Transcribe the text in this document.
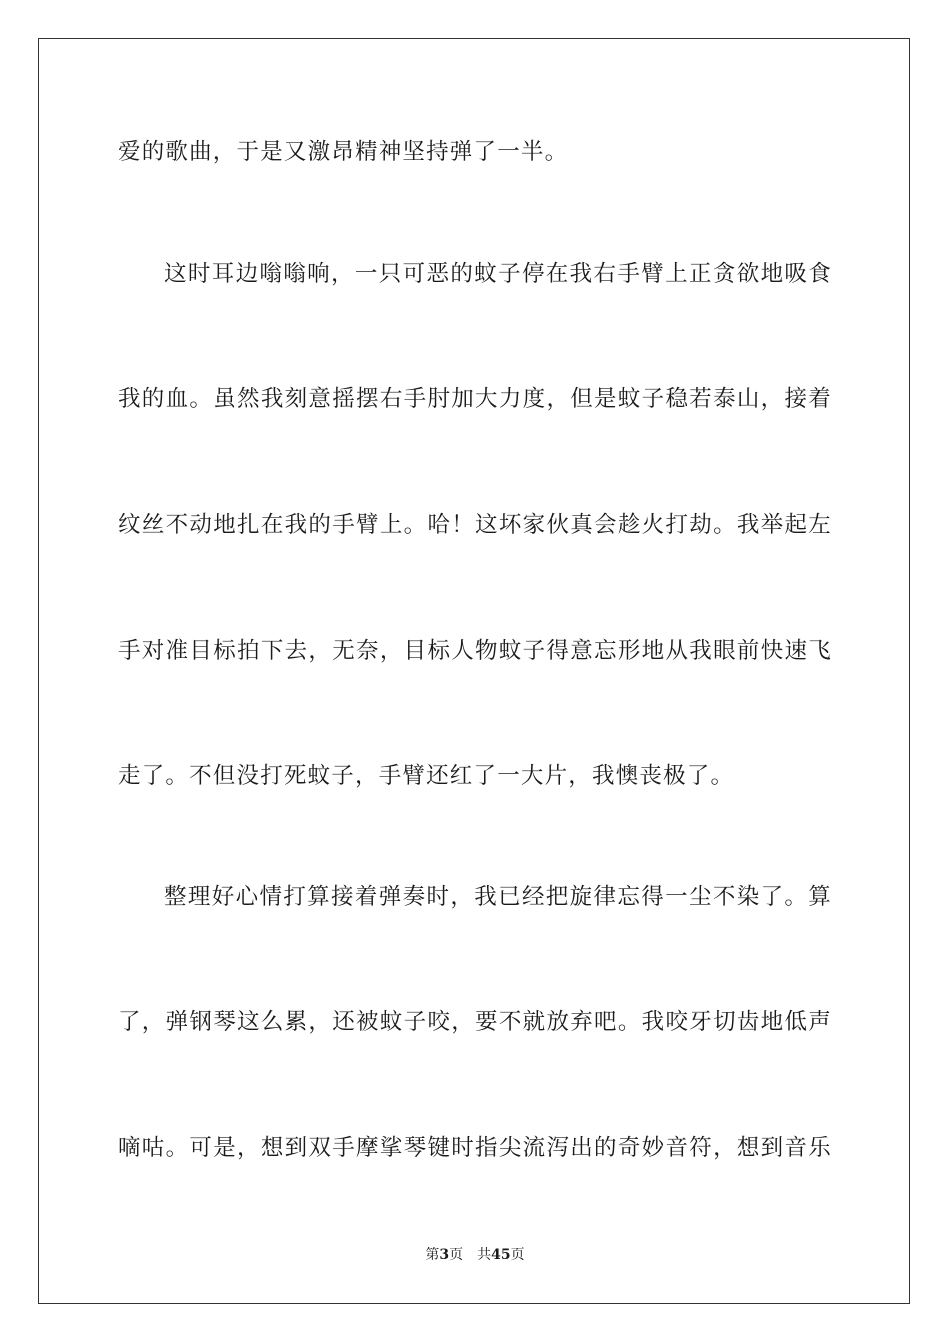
爱的歌曲，于是又激昂精神坚持弹了一半。
这时耳边嗡嗡响，一只可恶的蚊子停在我右手臂上正贪欲地吸食
我的血。虽然我刻意摇摆右手肘加大力度，但是蚊子稳若泰山，接着
纹丝不动地扎在我的手臂上。哈！这坏家伙真会趁火打劫。我举起左
手对准目标拍下去，无奈，目标人物蚊子得意忘形地从我眼前快速飞
走了。不但没打死蚊子，手臂还红了一大片，我懊丧极了。
整理好心情打算接着弹奏时，我已经把旋律忘得一尘不染了。算
了，弹钢琴这么累，还被蚊子咬，要不就放弃吧。我咬牙切齿地低声
嘀咕。可是，想到双手摩挲琴键时指尖流泻出的奇妙音符，想到音乐
第3页 共45页
